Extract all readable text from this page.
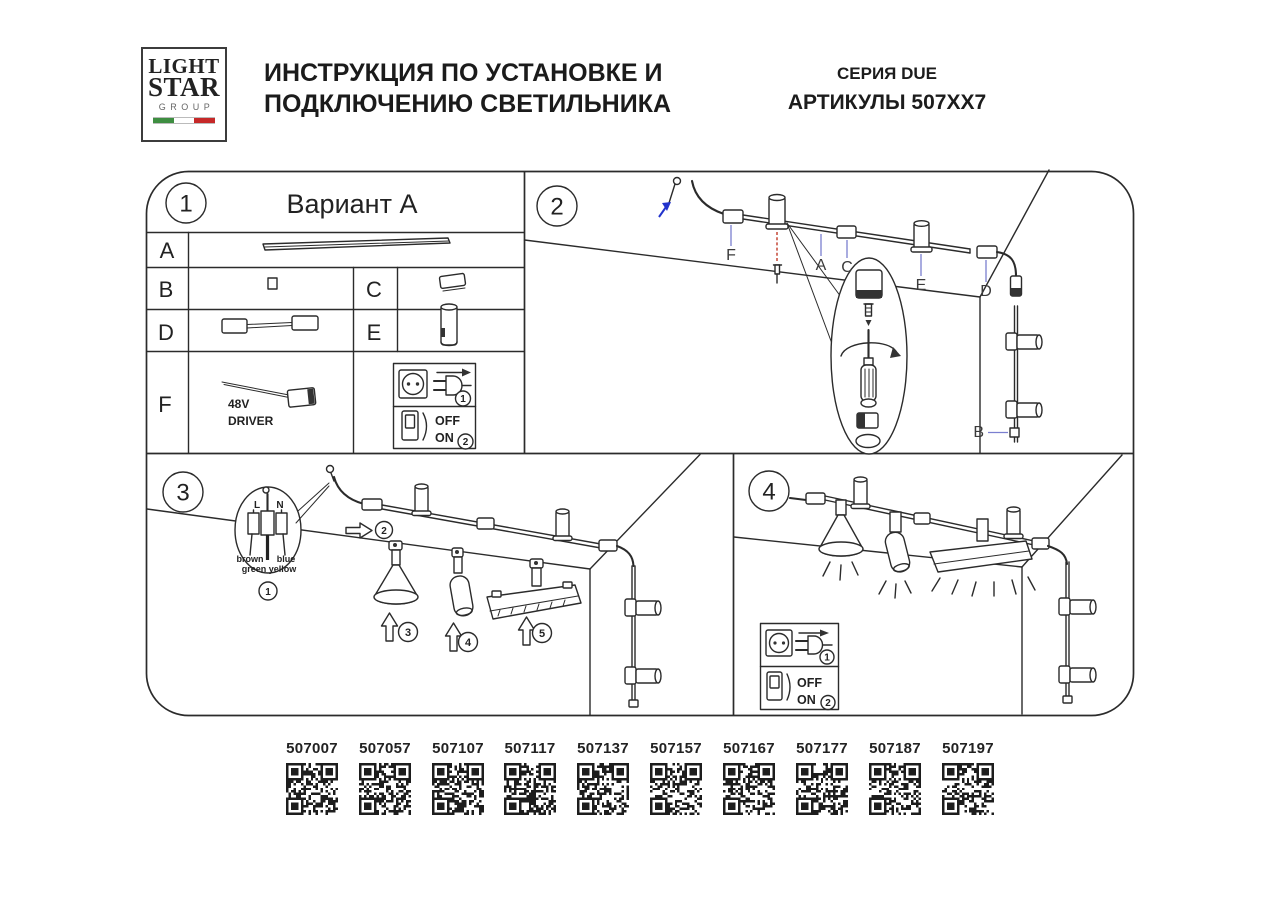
LIGHT
STAR
GROUP
ИНСТРУКЦИЯ ПО УСТАНОВКЕ И
ПОДКЛЮЧЕНИЮ СВЕТИЛЬНИКА
СЕРИЯ DUE
АРТИКУЛЫ 507XX7
1	Вариант А
A
B	C
D	E
F	48V
DRIVER
1
OFF
ON 2
2
F
A C
E	D
B
3	L N
brown blue
green yellow
1
2
3
4
5
4
1
OFF
ON 2
507007	507057	507107	507117	507137	507157	507167	507177	507187	507197
